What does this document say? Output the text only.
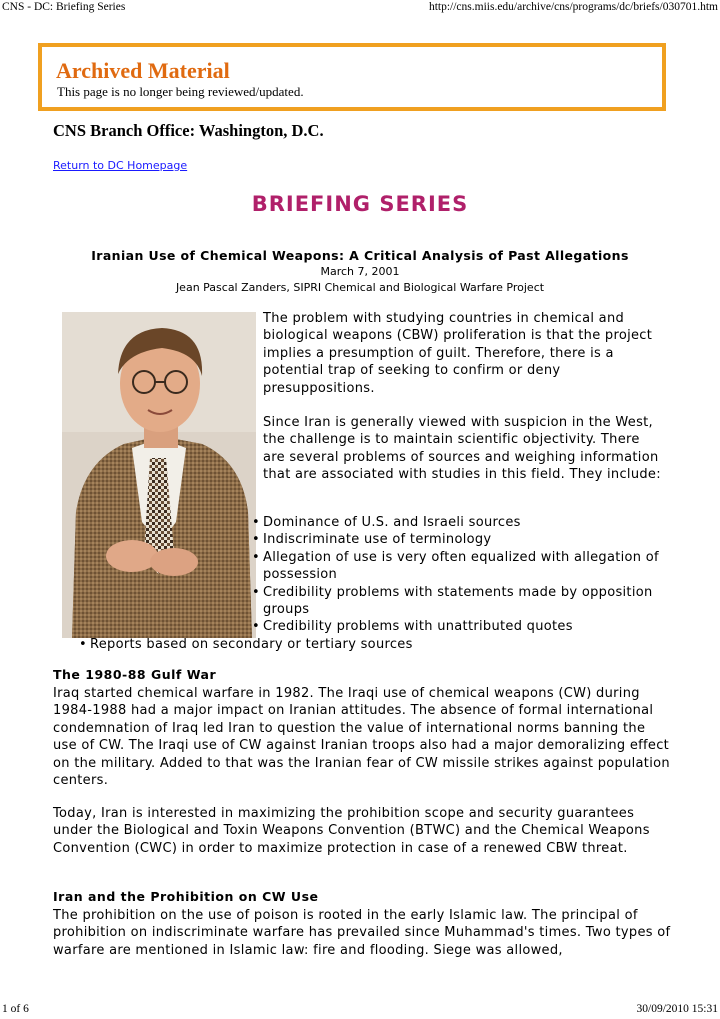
CNS - DC: Briefing Series	http://cns.miis.edu/archive/cns/programs/dc/briefs/030701.htm
Archived Material
This page is no longer being reviewed/updated.
CNS Branch Office: Washington, D.C.
Return to DC Homepage
BRIEFING SERIES
Iranian Use of Chemical Weapons: A Critical Analysis of Past Allegations
March 7, 2001
Jean Pascal Zanders, SIPRI Chemical and Biological Warfare Project
The problem with studying countries in chemical and biological weapons (CBW) proliferation is that the project implies a presumption of guilt. Therefore, there is a potential trap of seeking to confirm or deny presuppositions.
Since Iran is generally viewed with suspicion in the West, the challenge is to maintain scientific objectivity. There are several problems of sources and weighing information that are associated with studies in this field. They include:
• Dominance of U.S. and Israeli sources
• Indiscriminate use of terminology
• Allegation of use is very often equalized with allegation of possession
• Credibility problems with statements made by opposition groups
• Credibility problems with unattributed quotes
• Reports based on secondary or tertiary sources
The 1980-88 Gulf War
Iraq started chemical warfare in 1982. The Iraqi use of chemical weapons (CW) during 1984-1988 had a major impact on Iranian attitudes. The absence of formal international condemnation of Iraq led Iran to question the value of international norms banning the use of CW. The Iraqi use of CW against Iranian troops also had a major demoralizing effect on the military. Added to that was the Iranian fear of CW missile strikes against population centers.
Today, Iran is interested in maximizing the prohibition scope and security guarantees under the Biological and Toxin Weapons Convention (BTWC) and the Chemical Weapons Convention (CWC) in order to maximize protection in case of a renewed CBW threat.
Iran and the Prohibition on CW Use
The prohibition on the use of poison is rooted in the early Islamic law. The principal of prohibition on indiscriminate warfare has prevailed since Muhammad's times. Two types of warfare are mentioned in Islamic law: fire and flooding. Siege was allowed,
1 of 6	30/09/2010 15:31
